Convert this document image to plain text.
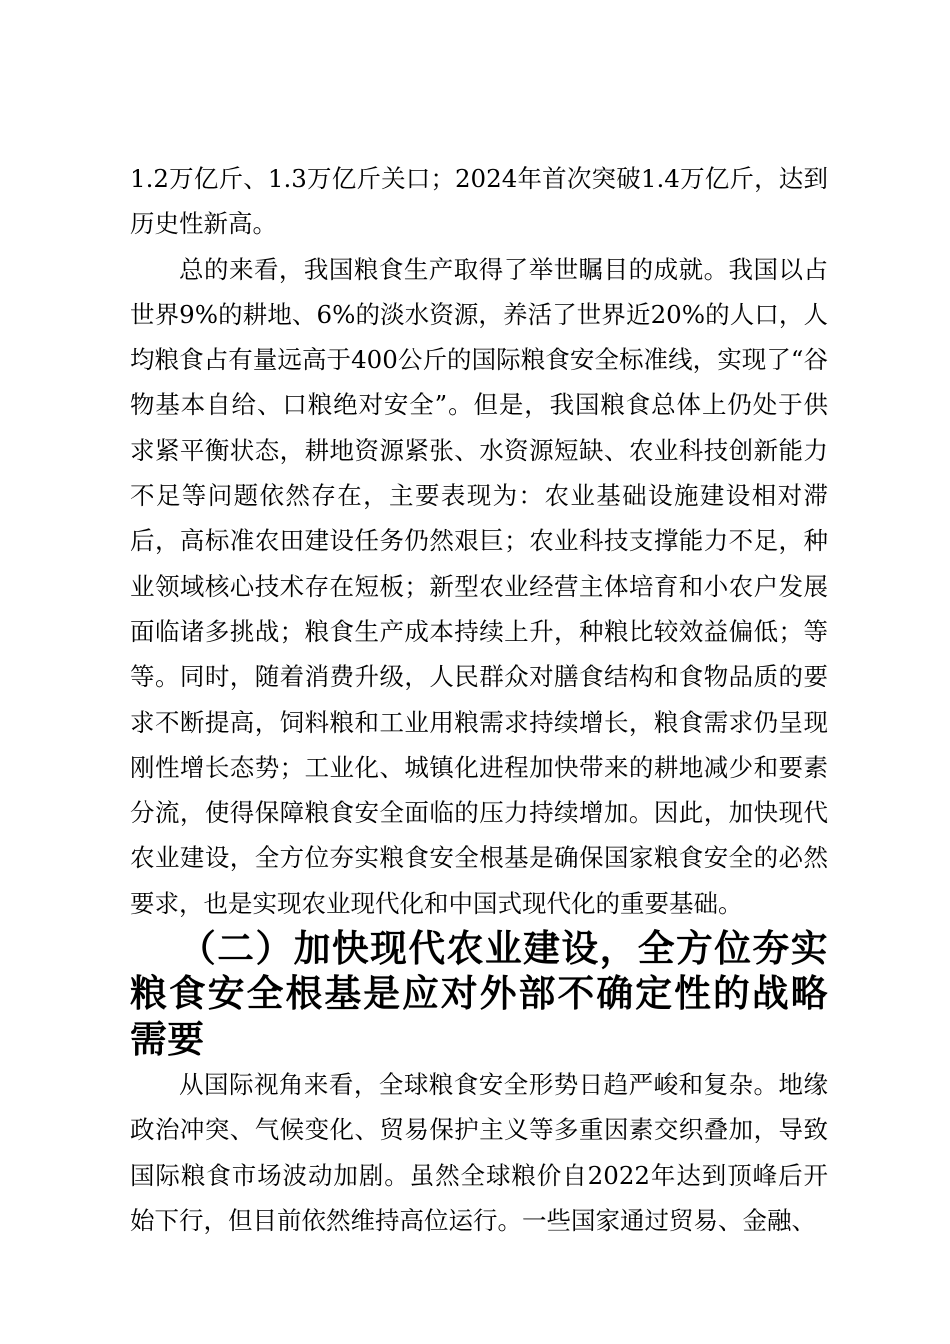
1.2万亿斤、1.3万亿斤关口；2024年首次突破1.4万亿斤，达到历史性新高。

总的来看，我国粮食生产取得了举世瞩目的成就。我国以占世界9%的耕地、6%的淡水资源，养活了世界近20%的人口，人均粮食占有量远高于400公斤的国际粮食安全标准线，实现了“谷物基本自给、口粮绝对安全”。但是，我国粮食总体上仍处于供求紧平衡状态，耕地资源紧张、水资源短缺、农业科技创新能力不足等问题依然存在，主要表现为：农业基础设施建设相对滞后，高标准农田建设任务仍然艰巨；农业科技支撑能力不足，种业领域核心技术存在短板；新型农业经营主体培育和小农户发展面临诸多挑战；粮食生产成本持续上升，种粮比较效益偏低；等等。同时，随着消费升级，人民群众对膳食结构和食物品质的要求不断提高，饲料粮和工业用粮需求持续增长，粮食需求仍呈现刚性增长态势；工业化、城镇化进程加快带来的耕地减少和要素分流，使得保障粮食安全面临的压力持续增加。因此，加快现代农业建设，全方位夯实粮食安全根基是确保国家粮食安全的必然要求，也是实现农业现代化和中国式现代化的重要基础。

（二）加快现代农业建设，全方位夯实粮食安全根基是应对外部不确定性的战略需要

从国际视角来看，全球粮食安全形势日趋严峻和复杂。地缘政治冲突、气候变化、贸易保护主义等多重因素交织叠加，导致国际粮食市场波动加剧。虽然全球粮价自2022年达到顶峰后开始下行，但目前依然维持高位运行。一些国家通过贸易、金融、
